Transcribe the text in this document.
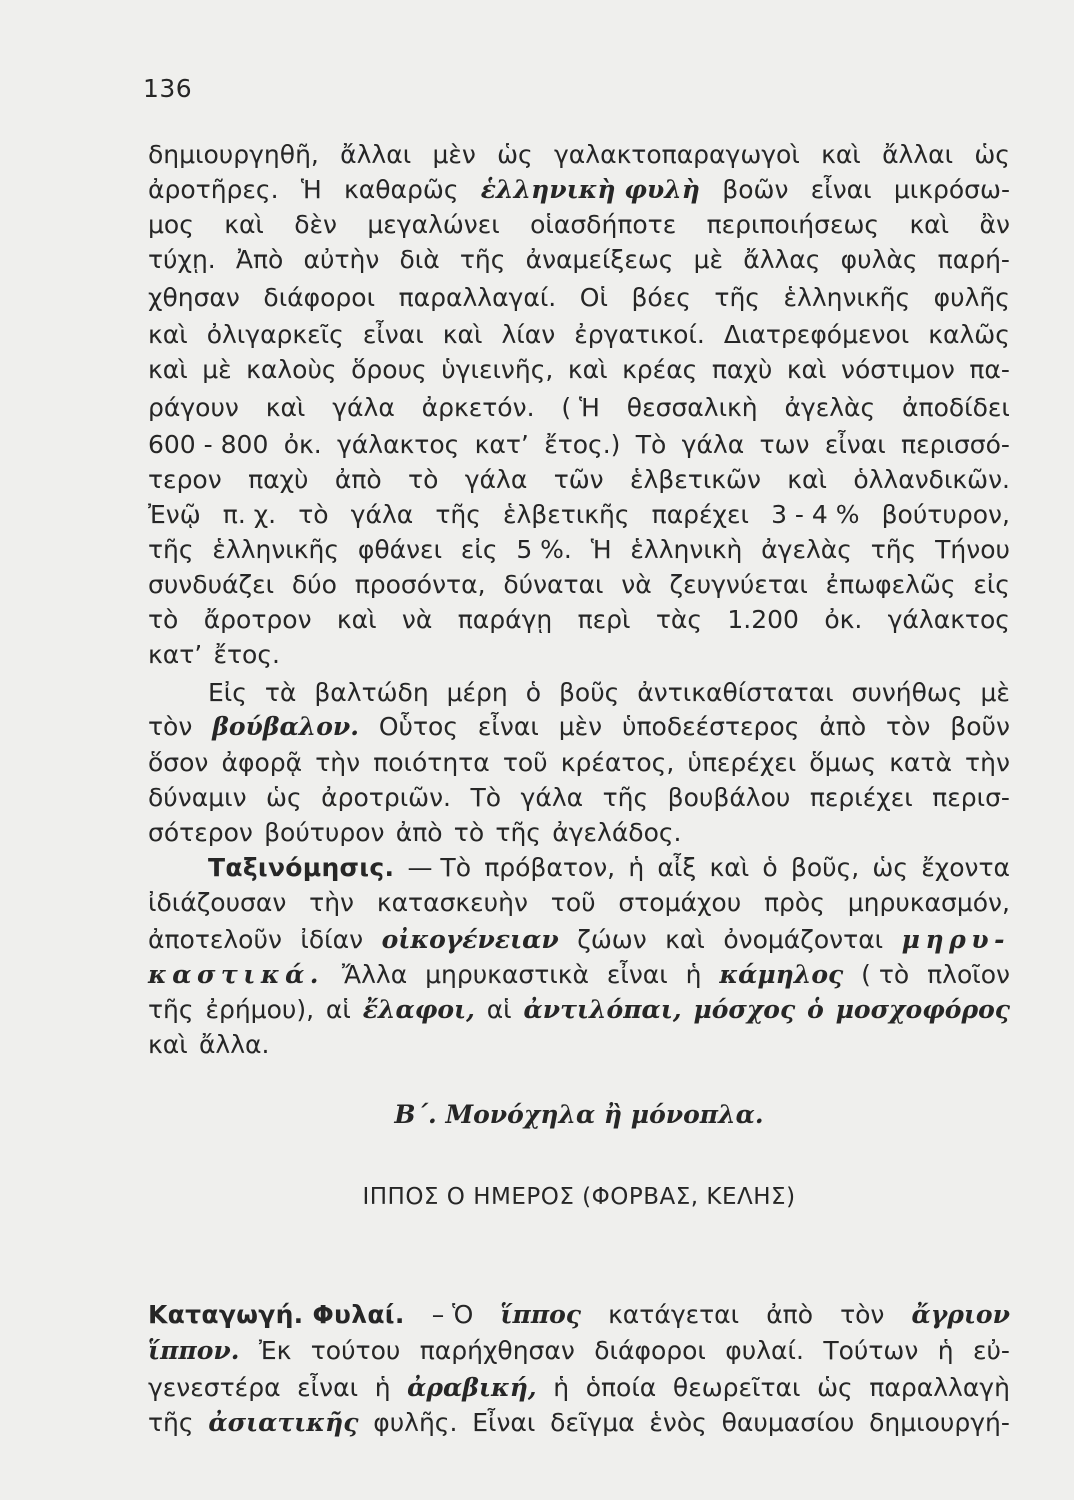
136
δημιουργηθῆ, ἄλλαι μὲν ὡς γαλακτοπαραγωγοὶ καὶ ἄλλαι ὡς
ἀροτῆρες. Ἡ καθαρῶς ἑλληνικὴ φυλὴ βοῶν εἶναι μικρόσω-
μος καὶ δὲν μεγαλώνει οἱασδήποτε περιποιήσεως καὶ ἂν
τύχῃ. Ἀπὸ αὐτὴν διὰ τῆς ἀναμείξεως μὲ ἄλλας φυλὰς παρή-
χθησαν διάφοροι παραλλαγαί. Οἱ βόες τῆς ἑλληνικῆς φυλῆς
καὶ ὀλιγαρκεῖς εἶναι καὶ λίαν ἐργατικοί. Διατρεφόμενοι καλῶς
καὶ μὲ καλοὺς ὅρους ὑγιεινῆς, καὶ κρέας παχὺ καὶ νόστιμον πα-
ράγουν καὶ γάλα ἀρκετόν. ( Ἡ θεσσαλικὴ ἀγελὰς ἀποδίδει
600 - 800 ὀκ. γάλακτος κατ’ ἔτος.) Τὸ γάλα των εἶναι περισσό-
τερον παχὺ ἀπὸ τὸ γάλα τῶν ἑλβετικῶν καὶ ὁλλανδικῶν.
Ἐνῷ π. χ. τὸ γάλα τῆς ἑλβετικῆς παρέχει 3 - 4 % βούτυρον,
τῆς ἑλληνικῆς φθάνει εἰς 5 %. Ἡ ἑλληνικὴ ἀγελὰς τῆς Τήνου
συνδυάζει δύο προσόντα, δύναται νὰ ζευγνύεται ἐπωφελῶς εἰς
τὸ ἄροτρον καὶ νὰ παράγῃ περὶ τὰς 1.200 ὀκ. γάλακτος
κατ’ ἔτος.
Εἰς τὰ βαλτώδη μέρη ὁ βοῦς ἀντικαθίσταται συνήθως μὲ
τὸν βούβαλον. Οὗτος εἶναι μὲν ὑποδεέστερος ἀπὸ τὸν βοῦν
ὅσον ἀφορᾷ τὴν ποιότητα τοῦ κρέατος, ὑπερέχει ὅμως κατὰ τὴν
δύναμιν ὡς ἀροτριῶν. Τὸ γάλα τῆς βουβάλου περιέχει περισ-
σότερον βούτυρον ἀπὸ τὸ τῆς ἀγελάδος.
Ταξινόμησις. — Τὸ πρόβατον, ἡ αἶξ καὶ ὁ βοῦς, ὡς ἔχοντα
ἰδιάζουσαν τὴν κατασκευὴν τοῦ στομάχου πρὸς μηρυκασμόν,
ἀποτελοῦν ἰδίαν οἰκογένειαν ζώων καὶ ὀνομάζονται μηρυ-
καστικά. Ἄλλα μηρυκαστικὰ εἶναι ἡ κάμηλος ( τὸ πλοῖον
τῆς ἐρήμου), αἱ ἔλαφοι, αἱ ἀντιλόπαι, μόσχος ὁ μοσχοφόρος
καὶ ἄλλα.
Β΄. Μονόχηλα ἢ μόνοπλα.
ΙΠΠΟΣ Ο ΗΜΕΡΟΣ (ΦΟΡΒΑΣ, ΚΕΛΗΣ)
Καταγωγή. Φυλαί. – Ὁ ἵππος κατάγεται ἀπὸ τὸν ἄγριον
ἵππον. Ἐκ τούτου παρήχθησαν διάφοροι φυλαί. Τούτων ἡ εὐ-
γενεστέρα εἶναι ἡ ἀραβική, ἡ ὁποία θεωρεῖται ὡς παραλλαγὴ
τῆς ἀσιατικῆς φυλῆς. Εἶναι δεῖγμα ἑνὸς θαυμασίου δημιουργή-
